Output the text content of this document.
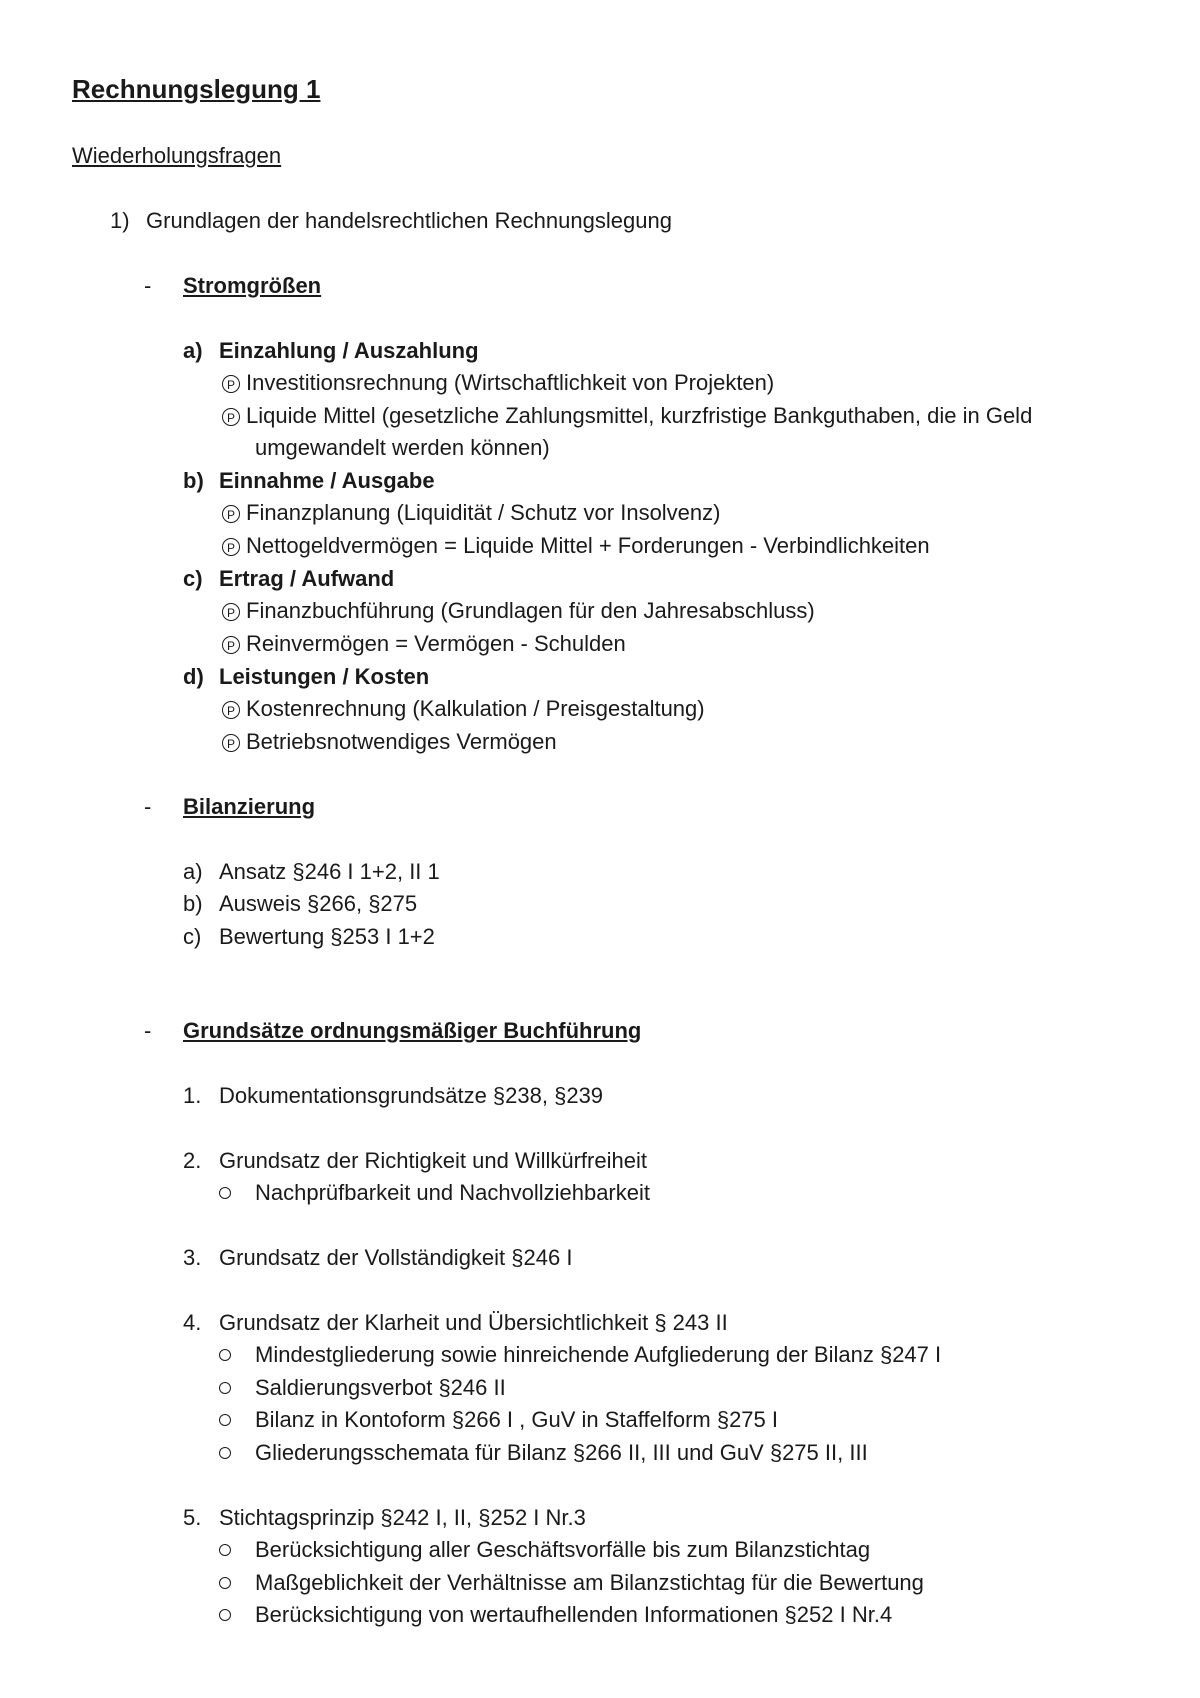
Rechnungslegung 1
Wiederholungsfragen
1) Grundlagen der handelsrechtlichen Rechnungslegung
- Stromgrößen
a) Einzahlung / Auszahlung
P Investitionsrechnung (Wirtschaftlichkeit von Projekten)
P Liquide Mittel (gesetzliche Zahlungsmittel, kurzfristige Bankguthaben, die in Geld
umgewandelt werden können)
b) Einnahme / Ausgabe
P Finanzplanung (Liquidität / Schutz vor Insolvenz)
P Nettogeldvermögen = Liquide Mittel + Forderungen - Verbindlichkeiten
c) Ertrag / Aufwand
P Finanzbuchführung (Grundlagen für den Jahresabschluss)
P Reinvermögen = Vermögen - Schulden
d) Leistungen / Kosten
P Kostenrechnung (Kalkulation / Preisgestaltung)
P Betriebsnotwendiges Vermögen
- Bilanzierung
a) Ansatz §246 I 1+2, II 1
b) Ausweis §266, §275
c) Bewertung §253 I 1+2
- Grundsätze ordnungsmäßiger Buchführung
1. Dokumentationsgrundsätze §238, §239
2. Grundsatz der Richtigkeit und Willkürfreiheit
Nachprüfbarkeit und Nachvollziehbarkeit
3. Grundsatz der Vollständigkeit §246 I
4. Grundsatz der Klarheit und Übersichtlichkeit § 243 II
Mindestgliederung sowie hinreichende Aufgliederung der Bilanz §247 I
Saldierungsverbot §246 II
Bilanz in Kontoform §266 I , GuV in Staffelform §275 I
Gliederungsschemata für Bilanz §266 II, III und GuV §275 II, III
5. Stichtagsprinzip §242 I, II, §252 I Nr.3
Berücksichtigung aller Geschäftsvorfälle bis zum Bilanzstichtag
Maßgeblichkeit der Verhältnisse am Bilanzstichtag für die Bewertung
Berücksichtigung von wertaufhellenden Informationen §252 I Nr.4
